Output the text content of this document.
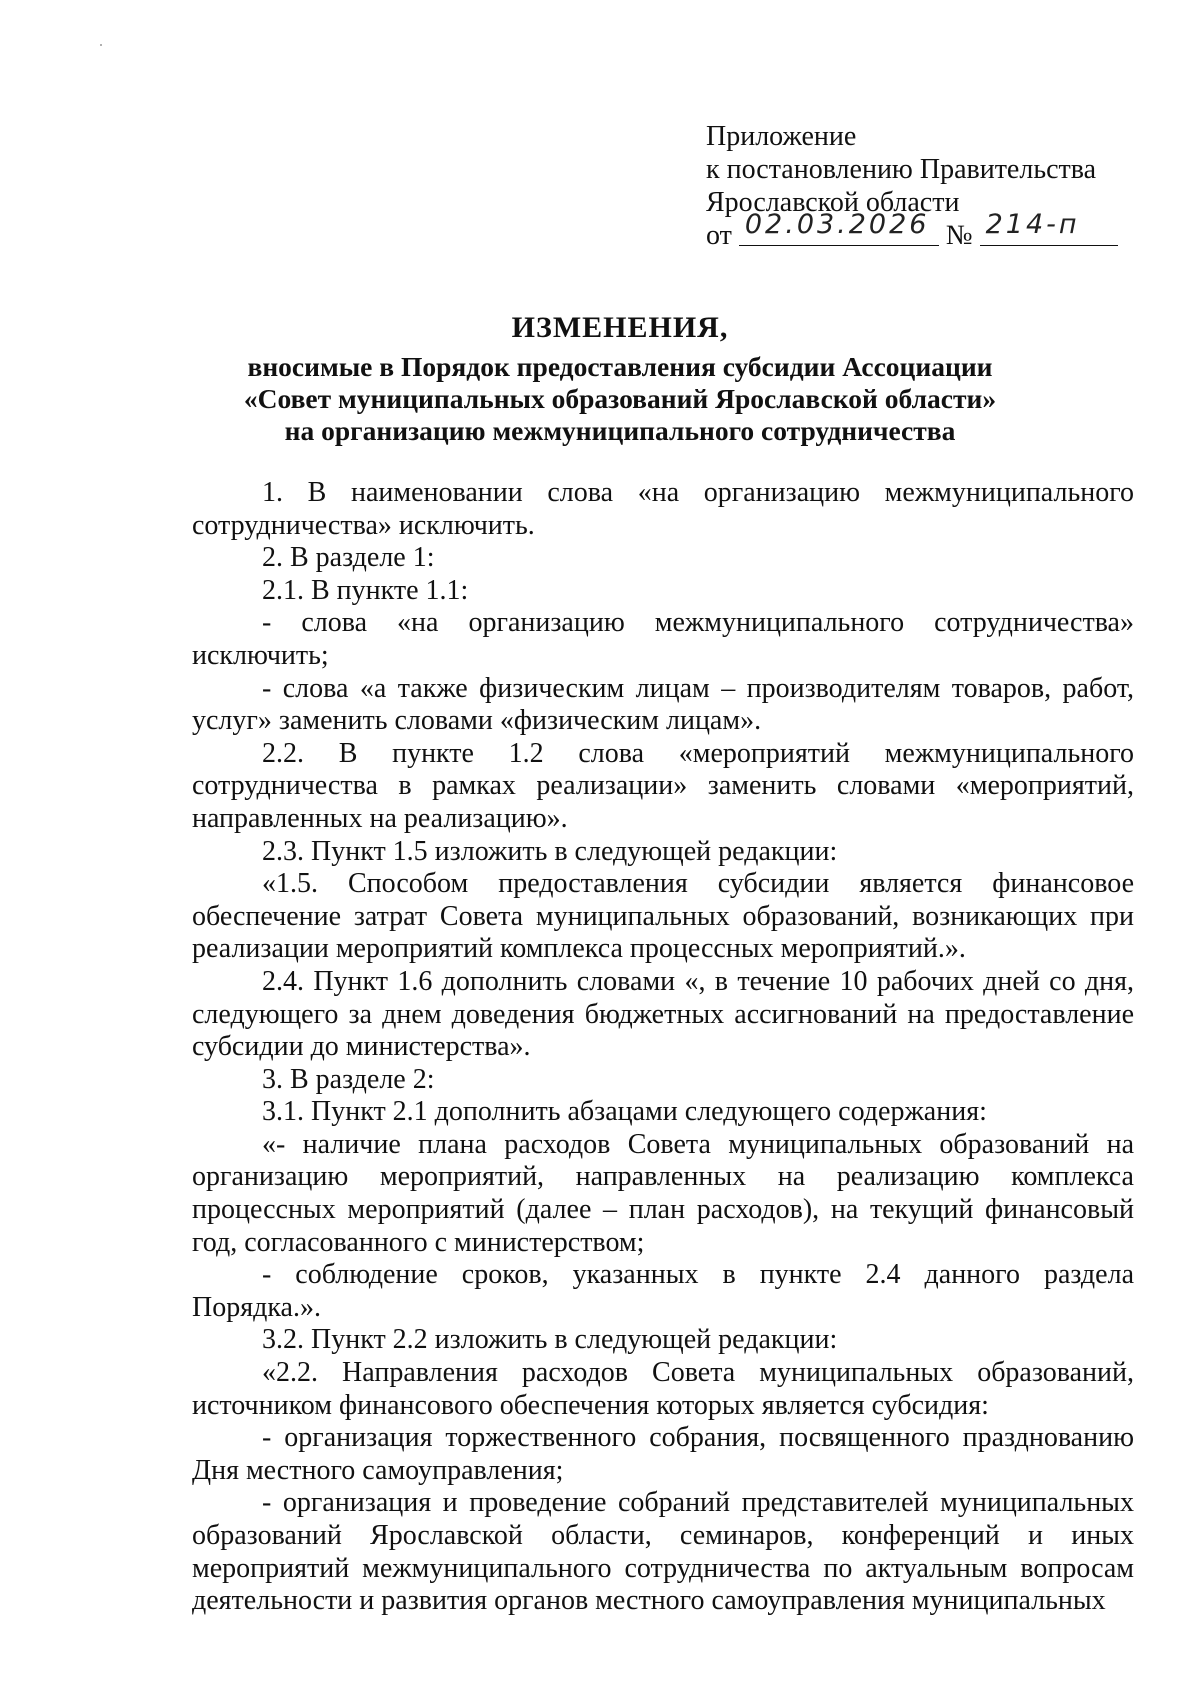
Приложение
к постановлению Правительства
Ярославской области
от 02.03.2026 № 214-п
ИЗМЕНЕНИЯ,
вносимые в Порядок предоставления субсидии Ассоциации
«Совет муниципальных образований Ярославской области»
на организацию межмуниципального сотрудничества

1. В наименовании слова «на организацию межмуниципального сотрудничества» исключить.

2. В разделе 1:

2.1. В пункте 1.1:

- слова «на организацию межмуниципального сотрудничества» исключить;

- слова «а также физическим лицам – производителям товаров, работ, услуг» заменить словами «физическим лицам».

2.2. В пункте 1.2 слова «мероприятий межмуниципального сотрудничества в рамках реализации» заменить словами «мероприятий, направленных на реализацию».

2.3. Пункт 1.5 изложить в следующей редакции:

«1.5. Способом предоставления субсидии является финансовое обеспечение затрат Совета муниципальных образований, возникающих при реализации мероприятий комплекса процессных мероприятий.».

2.4. Пункт 1.6 дополнить словами «, в течение 10 рабочих дней со дня, следующего за днем доведения бюджетных ассигнований на предоставление субсидии до министерства».

3. В разделе 2:

3.1. Пункт 2.1 дополнить абзацами следующего содержания:

«- наличие плана расходов Совета муниципальных образований на организацию мероприятий, направленных на реализацию комплекса процессных мероприятий (далее – план расходов), на текущий финансовый год, согласованного с министерством;

- соблюдение сроков, указанных в пункте 2.4 данного раздела Порядка.».

3.2. Пункт 2.2 изложить в следующей редакции:

«2.2. Направления расходов Совета муниципальных образований, источником финансового обеспечения которых является субсидия:

- организация торжественного собрания, посвященного празднованию Дня местного самоуправления;

- организация и проведение собраний представителей муниципальных образований Ярославской области, семинаров, конференций и иных мероприятий межмуниципального сотрудничества по актуальным вопросам деятельности и развития органов местного самоуправления муниципальных
